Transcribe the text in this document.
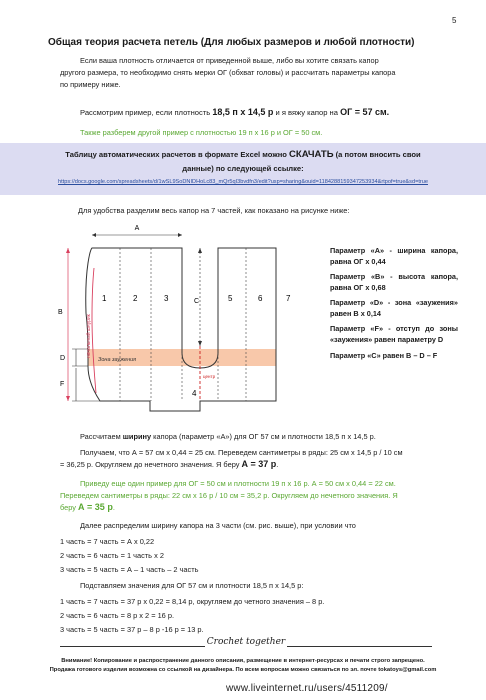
5
Общая теория расчета петель (Для любых размеров и любой плотности)
Если ваша плотность отличается от приведенной выше, либо вы хотите связать капор
другого размера, то необходимо снять мерки ОГ (обхват головы) и рассчитать параметры капора
по примеру ниже.
Рассмотрим пример, если плотность 18,5 п х 14,5 р и я вяжу капор на ОГ = 57 см.
Также разберем другой пример с плотностью 19 п х 16 р и ОГ = 50 см.
Таблицу автоматических расчетов в формате Excel можно СКАЧАТЬ (а потом вносить свои
данные) по следующей ссылке:
https://docs.google.com/spreadsheets/d/1wSL9SoDNIDHoLc83_mQr5qI3bvdfn3/edit?usp=sharing&ouid=1184288159347253934&rtpof=true&sd=true
Для удобства разделим весь капор на 7 частей, как показано на рисунке ниже:
A
B
C
D
F
1	2	3
4
5	6	7
Зона заужения
центр
начальный шнурик
Параметр «А» - ширина капора, равна ОГ х 0,44
Параметр «В» - высота капора, равна ОГ х 0,68
Параметр «D» - зона «заужения» равен В х 0,14
Параметр «F» - отступ до зоны «заужения» равен параметру D
Параметр «С» равен В – D – F
Рассчитаем ширину капора (параметр «А») для ОГ 57 см и плотности 18,5 п х 14,5 р.
Получаем, что А = 57 см х 0,44 = 25 см. Переведем сантиметры в ряды: 25 см х 14,5 р / 10 см
= 36,25 р. Округляем до нечетного значения. Я беру А = 37 р.
Приведу еще один пример для ОГ = 50 см и плотности 19 п х 16 р. А = 50 см х 0,44 = 22 см.
Переведем сантиметры в ряды: 22 см х 16 р / 10 см = 35,2 р. Округляем до нечетного значения. Я
беру А = 35 р.
Далее распределим ширину капора на 3 части (см. рис. выше), при условии что
1 часть = 7 часть = А х 0,22
2 часть = 6 часть = 1 часть х 2
3 часть = 5 часть = А – 1 часть – 2 часть
Подставляем значения для ОГ 57 см и плотности 18,5 п х 14,5 р:
1 часть = 7 часть = 37 р х 0,22 = 8,14 р, округляем до четного значения – 8 р.
2 часть = 6 часть = 8 р х 2 = 16 р.
3 часть = 5 часть = 37 р – 8 р -16 р = 13 р.
Crochet together
Внимание! Копирование и распространение данного описания, размещение в интернет-ресурсах и печати строго запрещено.
Продажа готового изделия возможна со ссылкой на дизайнера. По всем вопросам можно связаться по эл. почте tokatoys@gmail.com
www.liveinternet.ru/users/4511209/
